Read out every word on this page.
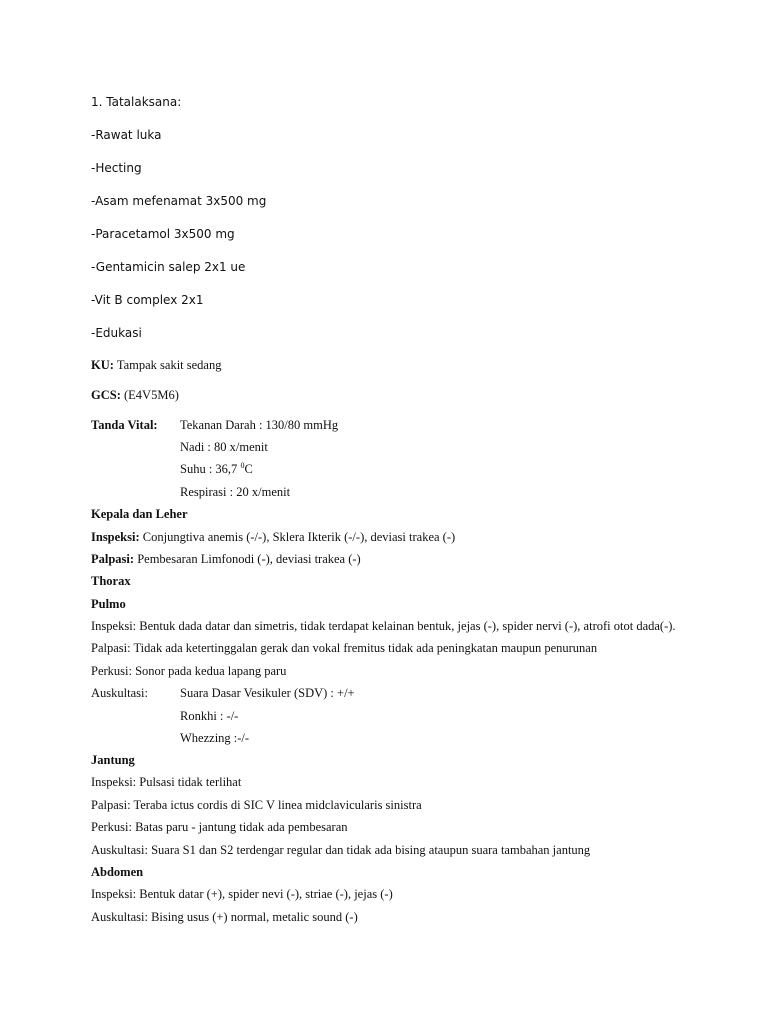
1. Tatalaksana:
-Rawat luka
-Hecting
-Asam mefenamat 3x500 mg
-Paracetamol 3x500 mg
-Gentamicin salep 2x1 ue
-Vit B complex 2x1
-Edukasi
KU: Tampak sakit sedang
GCS: (E4V5M6)
Tanda Vital: Tekanan Darah : 130/80 mmHg
Nadi : 80 x/menit
Suhu : 36,7 $^0$C
Respirasi : 20 x/menit
Kepala dan Leher
Inspeksi: Conjungtiva anemis (-/-), Sklera Ikterik (-/-), deviasi trakea (-)
Palpasi: Pembesaran Limfonodi (-), deviasi trakea (-)
Thorax
Pulmo
Inspeksi: Bentuk dada datar dan simetris, tidak terdapat kelainan bentuk, jejas (-), spider nervi (-), atrofi otot dada(-).
Palpasi: Tidak ada ketertinggalan gerak dan vokal fremitus tidak ada peningkatan maupun penurunan
Perkusi: Sonor pada kedua lapang paru
Auskultasi:	Suara Dasar Vesikuler (SDV) : +/+
Ronkhi : -/-
Whezzing :-/-
Jantung
Inspeksi: Pulsasi tidak terlihat
Palpasi: Teraba ictus cordis di SIC V linea midclavicularis sinistra
Perkusi: Batas paru - jantung tidak ada pembesaran
Auskultasi: Suara S1 dan S2 terdengar regular dan tidak ada bising ataupun suara tambahan jantung
Abdomen
Inspeksi: Bentuk datar (+), spider nevi (-), striae (-), jejas (-)
Auskultasi: Bising usus (+) normal, metalic sound (-)
